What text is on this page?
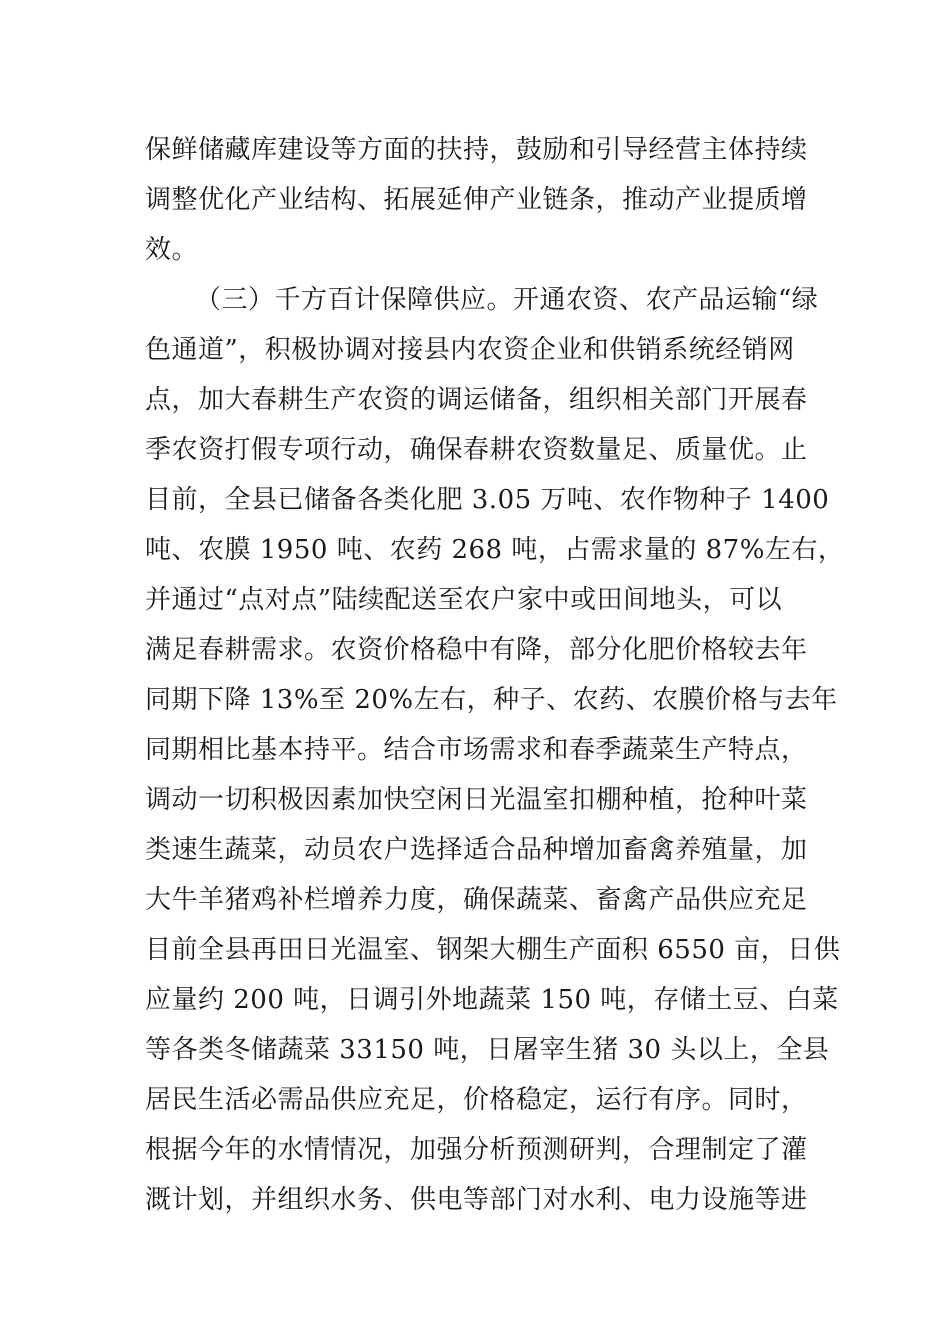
保鲜储藏库建设等方面的扶持，鼓励和引导经营主体持续
调整优化产业结构、拓展延伸产业链条，推动产业提质增
效。
（三）千方百计保障供应。开通农资、农产品运输“绿
色通道”，积极协调对接县内农资企业和供销系统经销网
点，加大春耕生产农资的调运储备，组织相关部门开展春
季农资打假专项行动，确保春耕农资数量足、质量优。止
目前，全县已储备各类化肥 3.05 万吨、农作物种子 1400
吨、农膜 1950 吨、农药 268 吨，占需求量的 87%左右，
并通过“点对点”陆续配送至农户家中或田间地头，可以
满足春耕需求。农资价格稳中有降，部分化肥价格较去年
同期下降 13%至 20%左右，种子、农药、农膜价格与去年
同期相比基本持平。结合市场需求和春季蔬菜生产特点，
调动一切积极因素加快空闲日光温室扣棚种植，抢种叶菜
类速生蔬菜，动员农户选择适合品种增加畜禽养殖量，加
大牛羊猪鸡补栏增养力度，确保蔬菜、畜禽产品供应充足
目前全县再田日光温室、钢架大棚生产面积 6550 亩，日供
应量约 200 吨，日调引外地蔬菜 150 吨，存储土豆、白菜
等各类冬储蔬菜 33150 吨，日屠宰生猪 30 头以上，全县
居民生活必需品供应充足，价格稳定，运行有序。同时，
根据今年的水情情况，加强分析预测研判，合理制定了灌
溉计划，并组织水务、供电等部门对水利、电力设施等进
